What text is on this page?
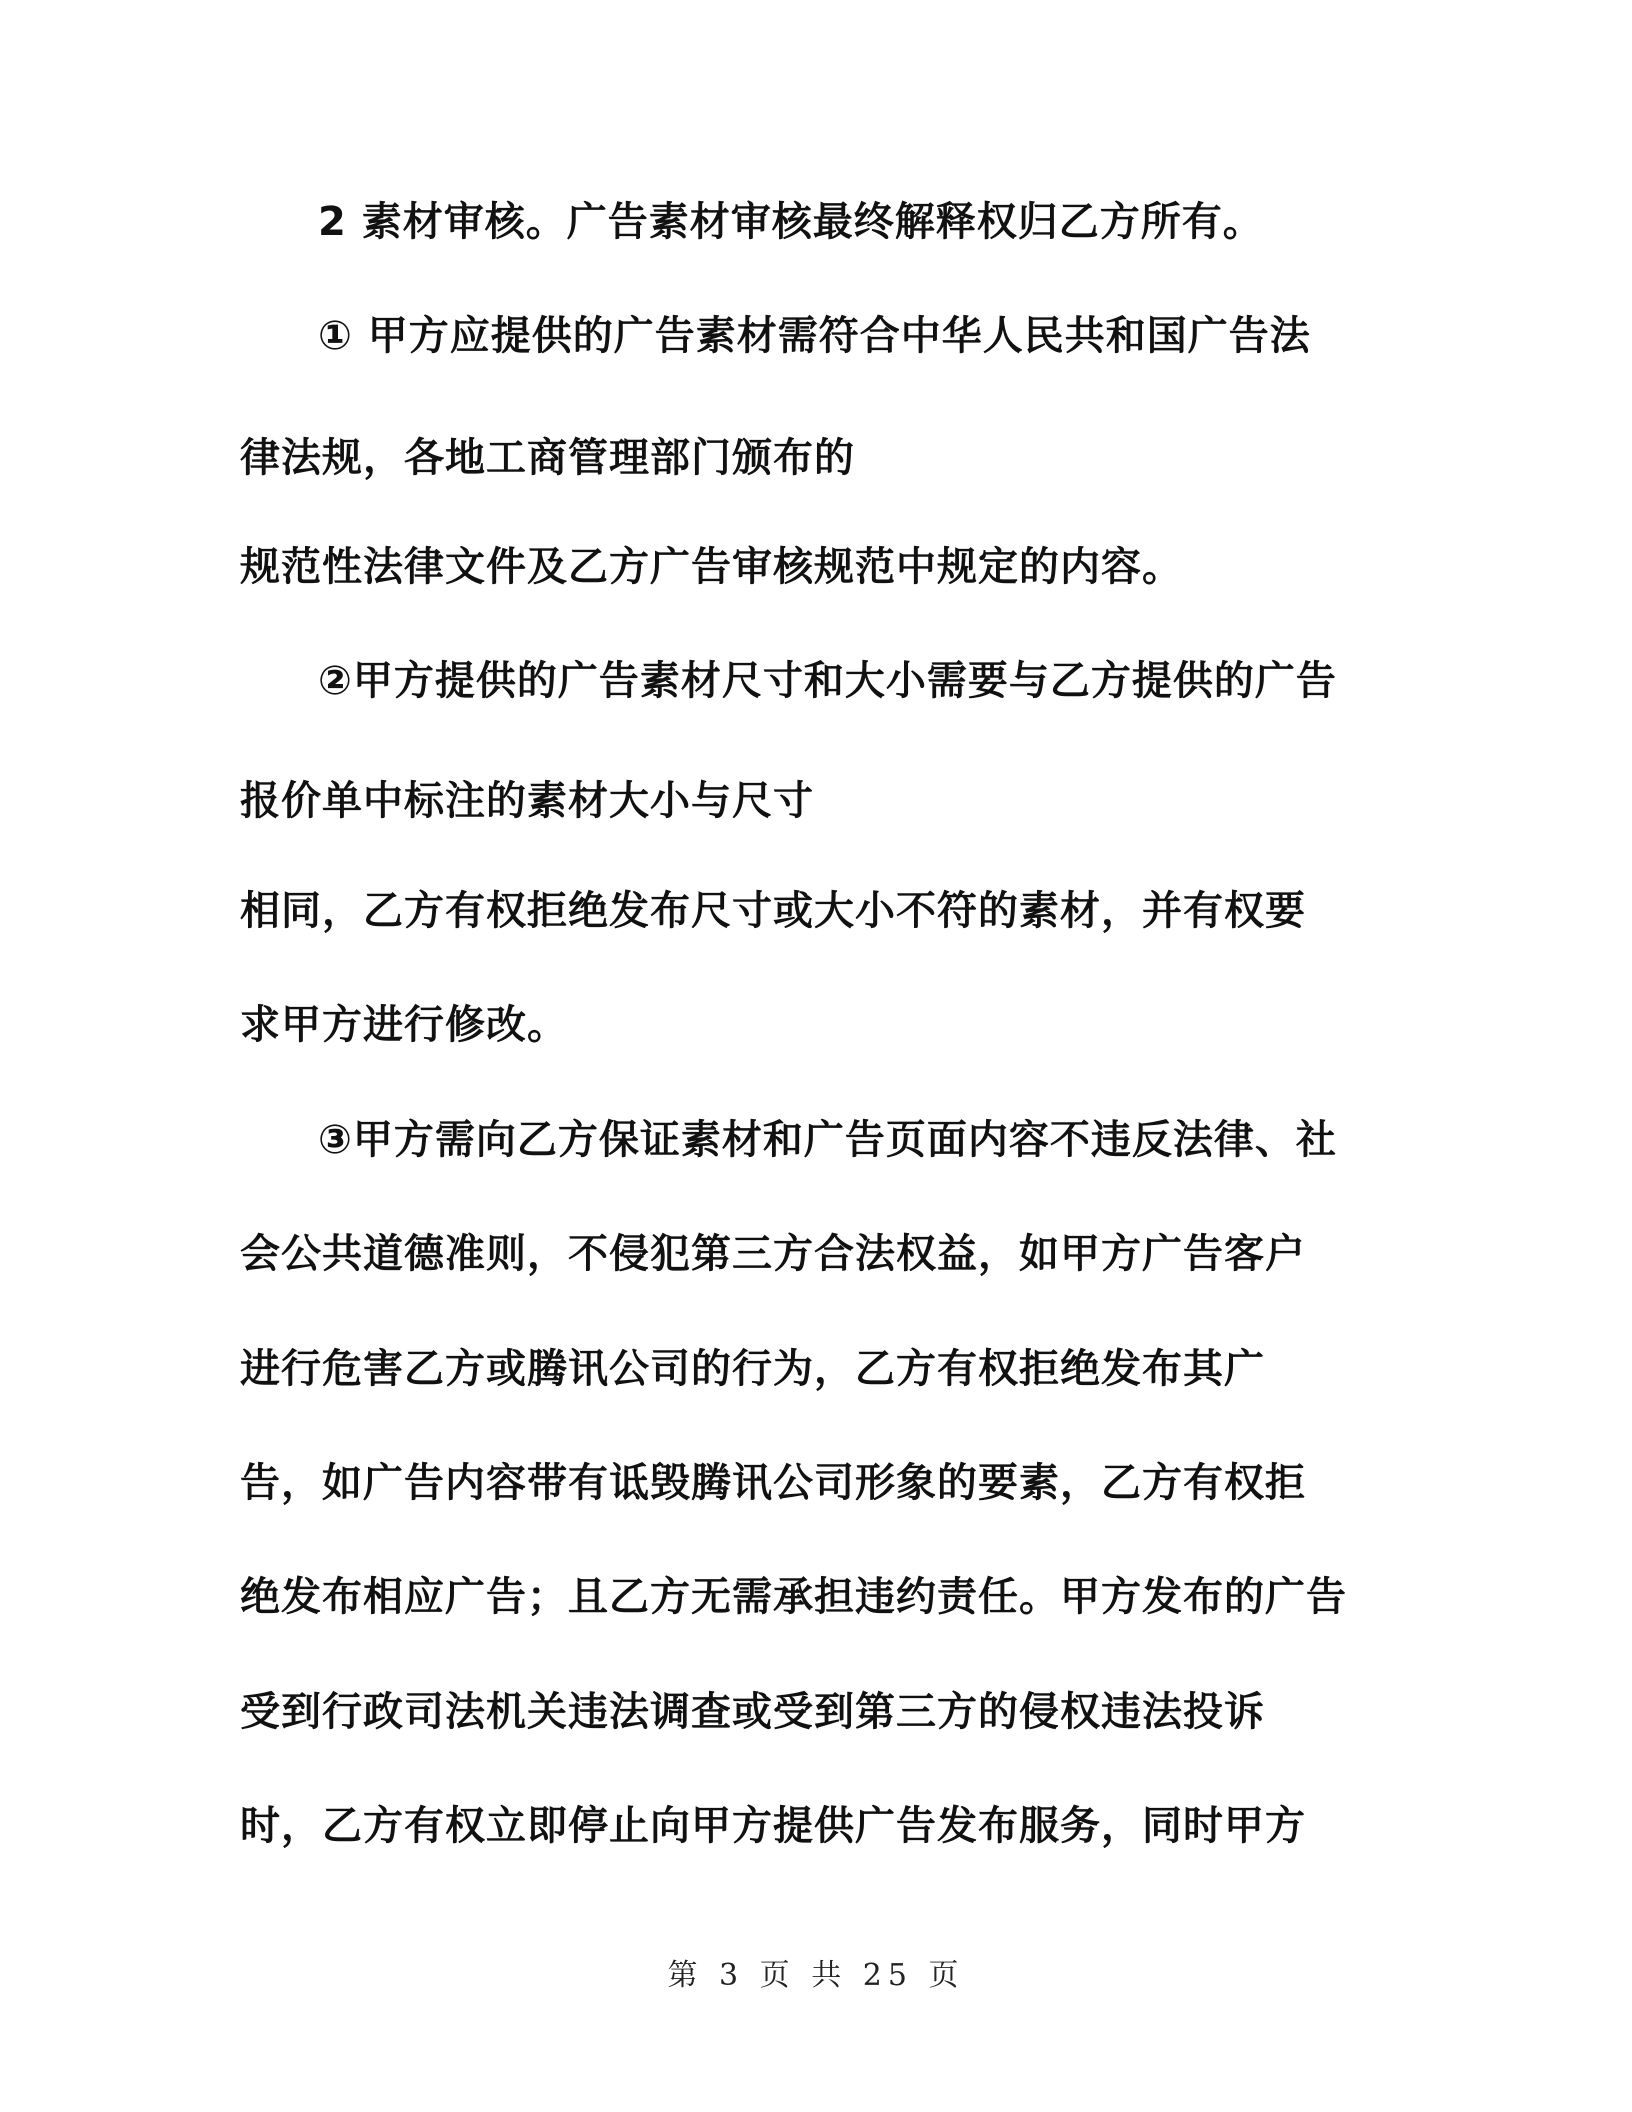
2 素材审核。广告素材审核最终解释权归乙方所有。
① 甲方应提供的广告素材需符合中华人民共和国广告法
律法规，各地工商管理部门颁布的
规范性法律文件及乙方广告审核规范中规定的内容。
②甲方提供的广告素材尺寸和大小需要与乙方提供的广告
报价单中标注的素材大小与尺寸
相同，乙方有权拒绝发布尺寸或大小不符的素材，并有权要
求甲方进行修改。
③甲方需向乙方保证素材和广告页面内容不违反法律、社
会公共道德准则，不侵犯第三方合法权益，如甲方广告客户
进行危害乙方或腾讯公司的行为，乙方有权拒绝发布其广
告，如广告内容带有诋毁腾讯公司形象的要素，乙方有权拒
绝发布相应广告；且乙方无需承担违约责任。甲方发布的广告
受到行政司法机关违法调查或受到第三方的侵权违法投诉
时，乙方有权立即停止向甲方提供广告发布服务，同时甲方
第 3 页 共 25 页
